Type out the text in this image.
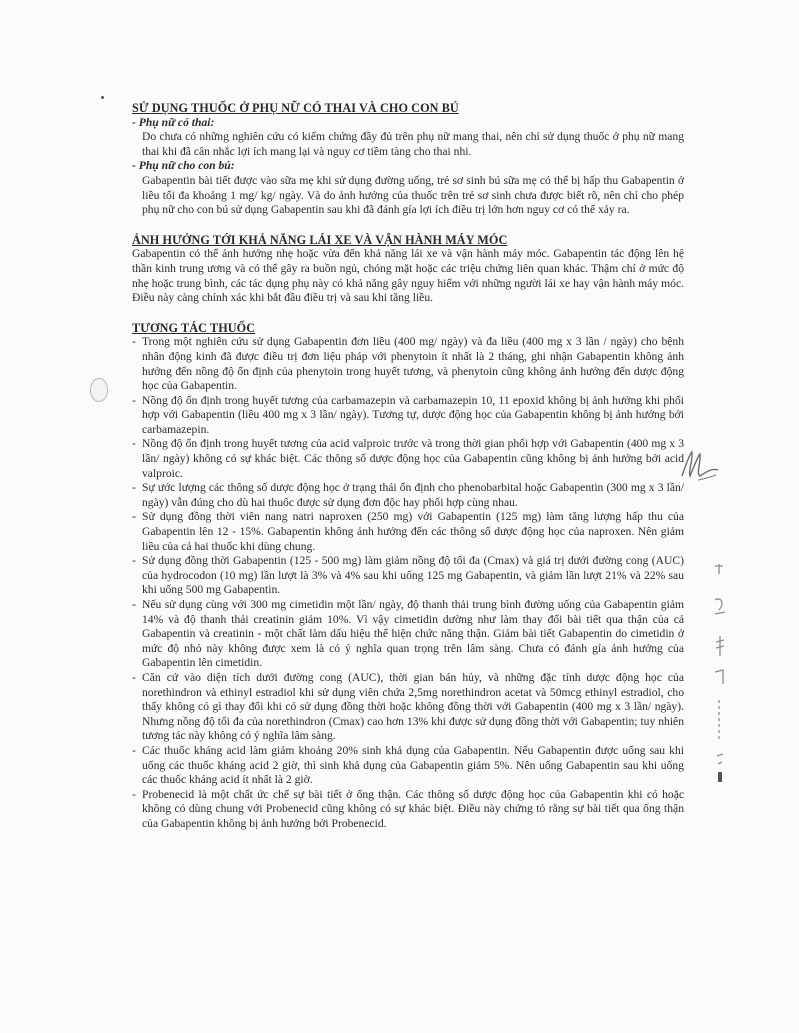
SỬ DỤNG THUỐC Ở PHỤ NỮ CÓ THAI VÀ CHO CON BÚ
- Phụ nữ có thai:

Do chưa có những nghiên cứu có kiểm chứng đầy đủ trên phụ nữ mang thai, nên chỉ sử dụng thuốc ở phụ nữ mang thai khi đã cân nhắc lợi ích mang lại và nguy cơ tiềm tàng cho thai nhi.

- Phụ nữ cho con bú:

Gabapentin bài tiết được vào sữa mẹ khi sử dụng đường uống, trẻ sơ sinh bú sữa mẹ có thể bị hấp thu Gabapentin ở liều tối đa khoảng 1 mg/ kg/ ngày. Và do ảnh hưởng của thuốc trên trẻ sơ sinh chưa được biết rõ, nên chỉ cho phép phụ nữ cho con bú sử dụng Gabapentin sau khi đã đánh gía lợi ích điều trị lớn hơn nguy cơ có thể xảy ra.

ẢNH HƯỞNG TỚI KHẢ NĂNG LÁI XE VÀ VẬN HÀNH MÁY MÓC

Gabapentin có thể ảnh hưởng nhẹ hoặc vừa đến khả năng lái xe và vận hành máy móc. Gabapentin tác động lên hệ thần kinh trung ương và có thể gây ra buồn ngủ, chóng mặt hoặc các triệu chứng liên quan khác. Thậm chí ở mức độ nhẹ hoặc trung bình, các tác dụng phụ này có khả năng gây nguy hiểm với những người lái xe hay vận hành máy móc. Điều này càng chính xác khi bắt đầu điều trị và sau khi tăng liều.

TƯƠNG TÁC THUỐC
- Trong một nghiên cứu sử dụng Gabapentin đơn liều (400 mg/ ngày) và đa liều (400 mg x 3 lần / ngày) cho bệnh nhân động kinh đã được điều trị đơn liệu pháp với phenytoin ít nhất là 2 tháng, ghi nhận Gabapentin không ảnh hưởng đến nồng độ ổn định của phenytoin trong huyết tương, và phenytoin cũng không ảnh hưởng đến dược động học của Gabapentin.
- Nồng độ ổn định trong huyết tương của carbamazepin và carbamazepin 10, 11 epoxid không bị ảnh hưởng khi phối hợp với Gabapentin (liều 400 mg x 3 lần/ ngày). Tương tự, dược động học của Gabapentin không bị ảnh hưởng bởi carbamazepin.
- Nồng độ ổn định trong huyết tương của acid valproic trước và trong thời gian phối hợp với Gabapentin (400 mg x 3 lần/ ngày) không có sự khác biệt. Các thông số dược động học của Gabapentin cũng không bị ảnh hưởng bởi acid valproic.
- Sự ước lượng các thông số dược động học ở trạng thái ổn định cho phenobarbital hoặc Gabapentin (300 mg x 3 lần/ ngày) vẫn đúng cho dù hai thuốc được sử dụng đơn độc hay phối hợp cùng nhau.
- Sử dụng đồng thời viên nang natri naproxen (250 mg) với Gabapentin (125 mg) làm tăng lượng hấp thu của Gabapentin lên 12 - 15%. Gabapentin không ảnh hưởng đến các thông số dược động học của naproxen. Nên giảm liều của cả hai thuốc khi dùng chung.
- Sử dụng đồng thời Gabapentin (125 - 500 mg) làm giảm nồng độ tối đa (Cmax) và giá trị dưới đường cong (AUC) của hydrocodon (10 mg) lần lượt là 3% và 4% sau khi uống 125 mg Gabapentin, và giảm lần lượt 21% và 22% sau khi uống 500 mg Gabapentin.
- Nếu sử dụng cùng với 300 mg cimetidin một lần/ ngày, độ thanh thải trung bình đường uống của Gabapentin giảm 14% và độ thanh thải creatinin giảm 10%. Vì vậy cimetidin dường như làm thay đổi bài tiết qua thận của cả Gabapentin và creatinin - một chất làm dấu hiệu thể hiện chức năng thận. Giảm bài tiết Gabapentin do cimetidin ở mức độ nhỏ này không được xem là có ý nghĩa quan trọng trên lâm sàng. Chưa có đánh gía ảnh hưởng của Gabapentin lên cimetidin.
- Căn cứ vào diện tích dưới đường cong (AUC), thời gian bán hủy, và những đặc tính dược động học của norethindron và ethinyl estradiol khi sử dụng viên chứa 2,5mg norethindron acetat và 50mcg ethinyl estradiol, cho thấy không có gì thay đổi khi có sử dụng đồng thời hoặc không đồng thời với Gabapentin (400 mg x 3 lần/ ngày). Nhưng nồng độ tối đa của norethindron (Cmax) cao hơn 13% khi được sử dụng đồng thời với Gabapentin; tuy nhiên tương tác này không có ý nghĩa lâm sàng.
- Các thuốc kháng acid làm giảm khoảng 20% sinh khả dụng của Gabapentin. Nếu Gabapentin được uống sau khi uống các thuốc kháng acid 2 giờ, thì sinh khả dụng của Gabapentin giảm 5%. Nên uống Gabapentin sau khi uống các thuốc kháng acid ít nhất là 2 giờ.
- Probenecid là một chất ức chế sự bài tiết ở ống thận. Các thông số dược động học của Gabapentin khi có hoặc không có dùng chung với Probenecid cũng không có sự khác biệt. Điều này chứng tỏ rằng sự bài tiết qua ống thận của Gabapentin không bị ảnh hưởng bởi Probenecid.
